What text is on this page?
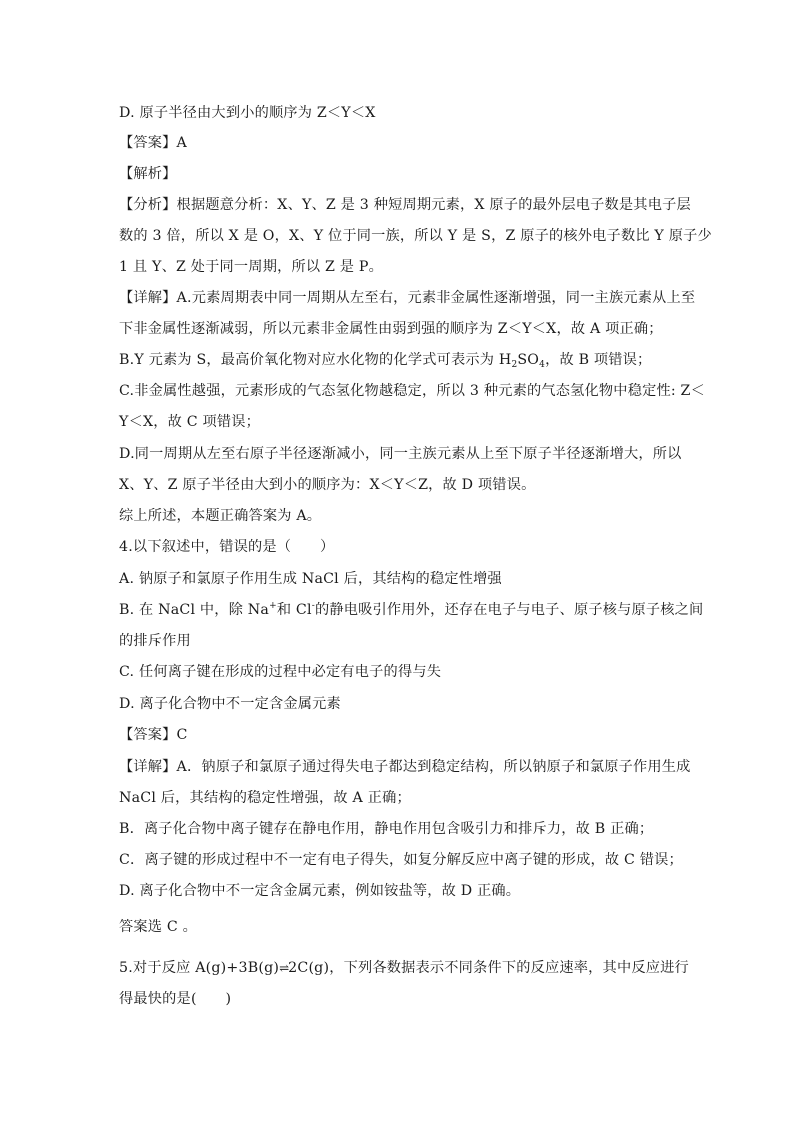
D. 原子半径由大到小的顺序为 Z＜Y＜X
【答案】A
【解析】
【分析】根据题意分析：X、Y、Z 是 3 种短周期元素，X 原子的最外层电子数是其电子层
数的 3 倍，所以 X 是 O，X、Y 位于同一族，所以 Y 是 S，Z 原子的核外电子数比 Y 原子少
1 且 Y、Z 处于同一周期，所以 Z 是 P。
【详解】A.元素周期表中同一周期从左至右，元素非金属性逐渐增强，同一主族元素从上至
下非金属性逐渐减弱，所以元素非金属性由弱到强的顺序为 Z＜Y＜X，故 A 项正确；
B.Y 元素为 S，最高价氧化物对应水化物的化学式可表示为 $H_2SO_4$，故 B 项错误；
C.非金属性越强，元素形成的气态氢化物越稳定，所以 3 种元素的气态氢化物中稳定性: Z＜
Y＜X，故 C 项错误；
D.同一周期从左至右原子半径逐渐减小，同一主族元素从上至下原子半径逐渐增大，所以
X、Y、Z 原子半径由大到小的顺序为：X＜Y＜Z，故 D 项错误。
综上所述，本题正确答案为 A。
4.以下叙述中，错误的是（　　）
A. 钠原子和氯原子作用生成 NaCl 后，其结构的稳定性增强
B. 在 NaCl 中，除 Na+和 Cl-的静电吸引作用外，还存在电子与电子、原子核与原子核之间
的排斥作用
C. 任何离子键在形成的过程中必定有电子的得与失
D. 离子化合物中不一定含金属元素
【答案】C
【详解】A．钠原子和氯原子通过得失电子都达到稳定结构，所以钠原子和氯原子作用生成
NaCl 后，其结构的稳定性增强，故 A 正确；
B．离子化合物中离子键存在静电作用，静电作用包含吸引力和排斥力，故 B 正确；
C．离子键的形成过程中不一定有电子得失，如复分解反应中离子键的形成，故 C 错误；
D. 离子化合物中不一定含金属元素，例如铵盐等，故 D 正确。
答案选 C 。
5.对于反应 A(g)+3B(g)⇌2C(g)，下列各数据表示不同条件下的反应速率，其中反应进行
得最快的是(　　)
